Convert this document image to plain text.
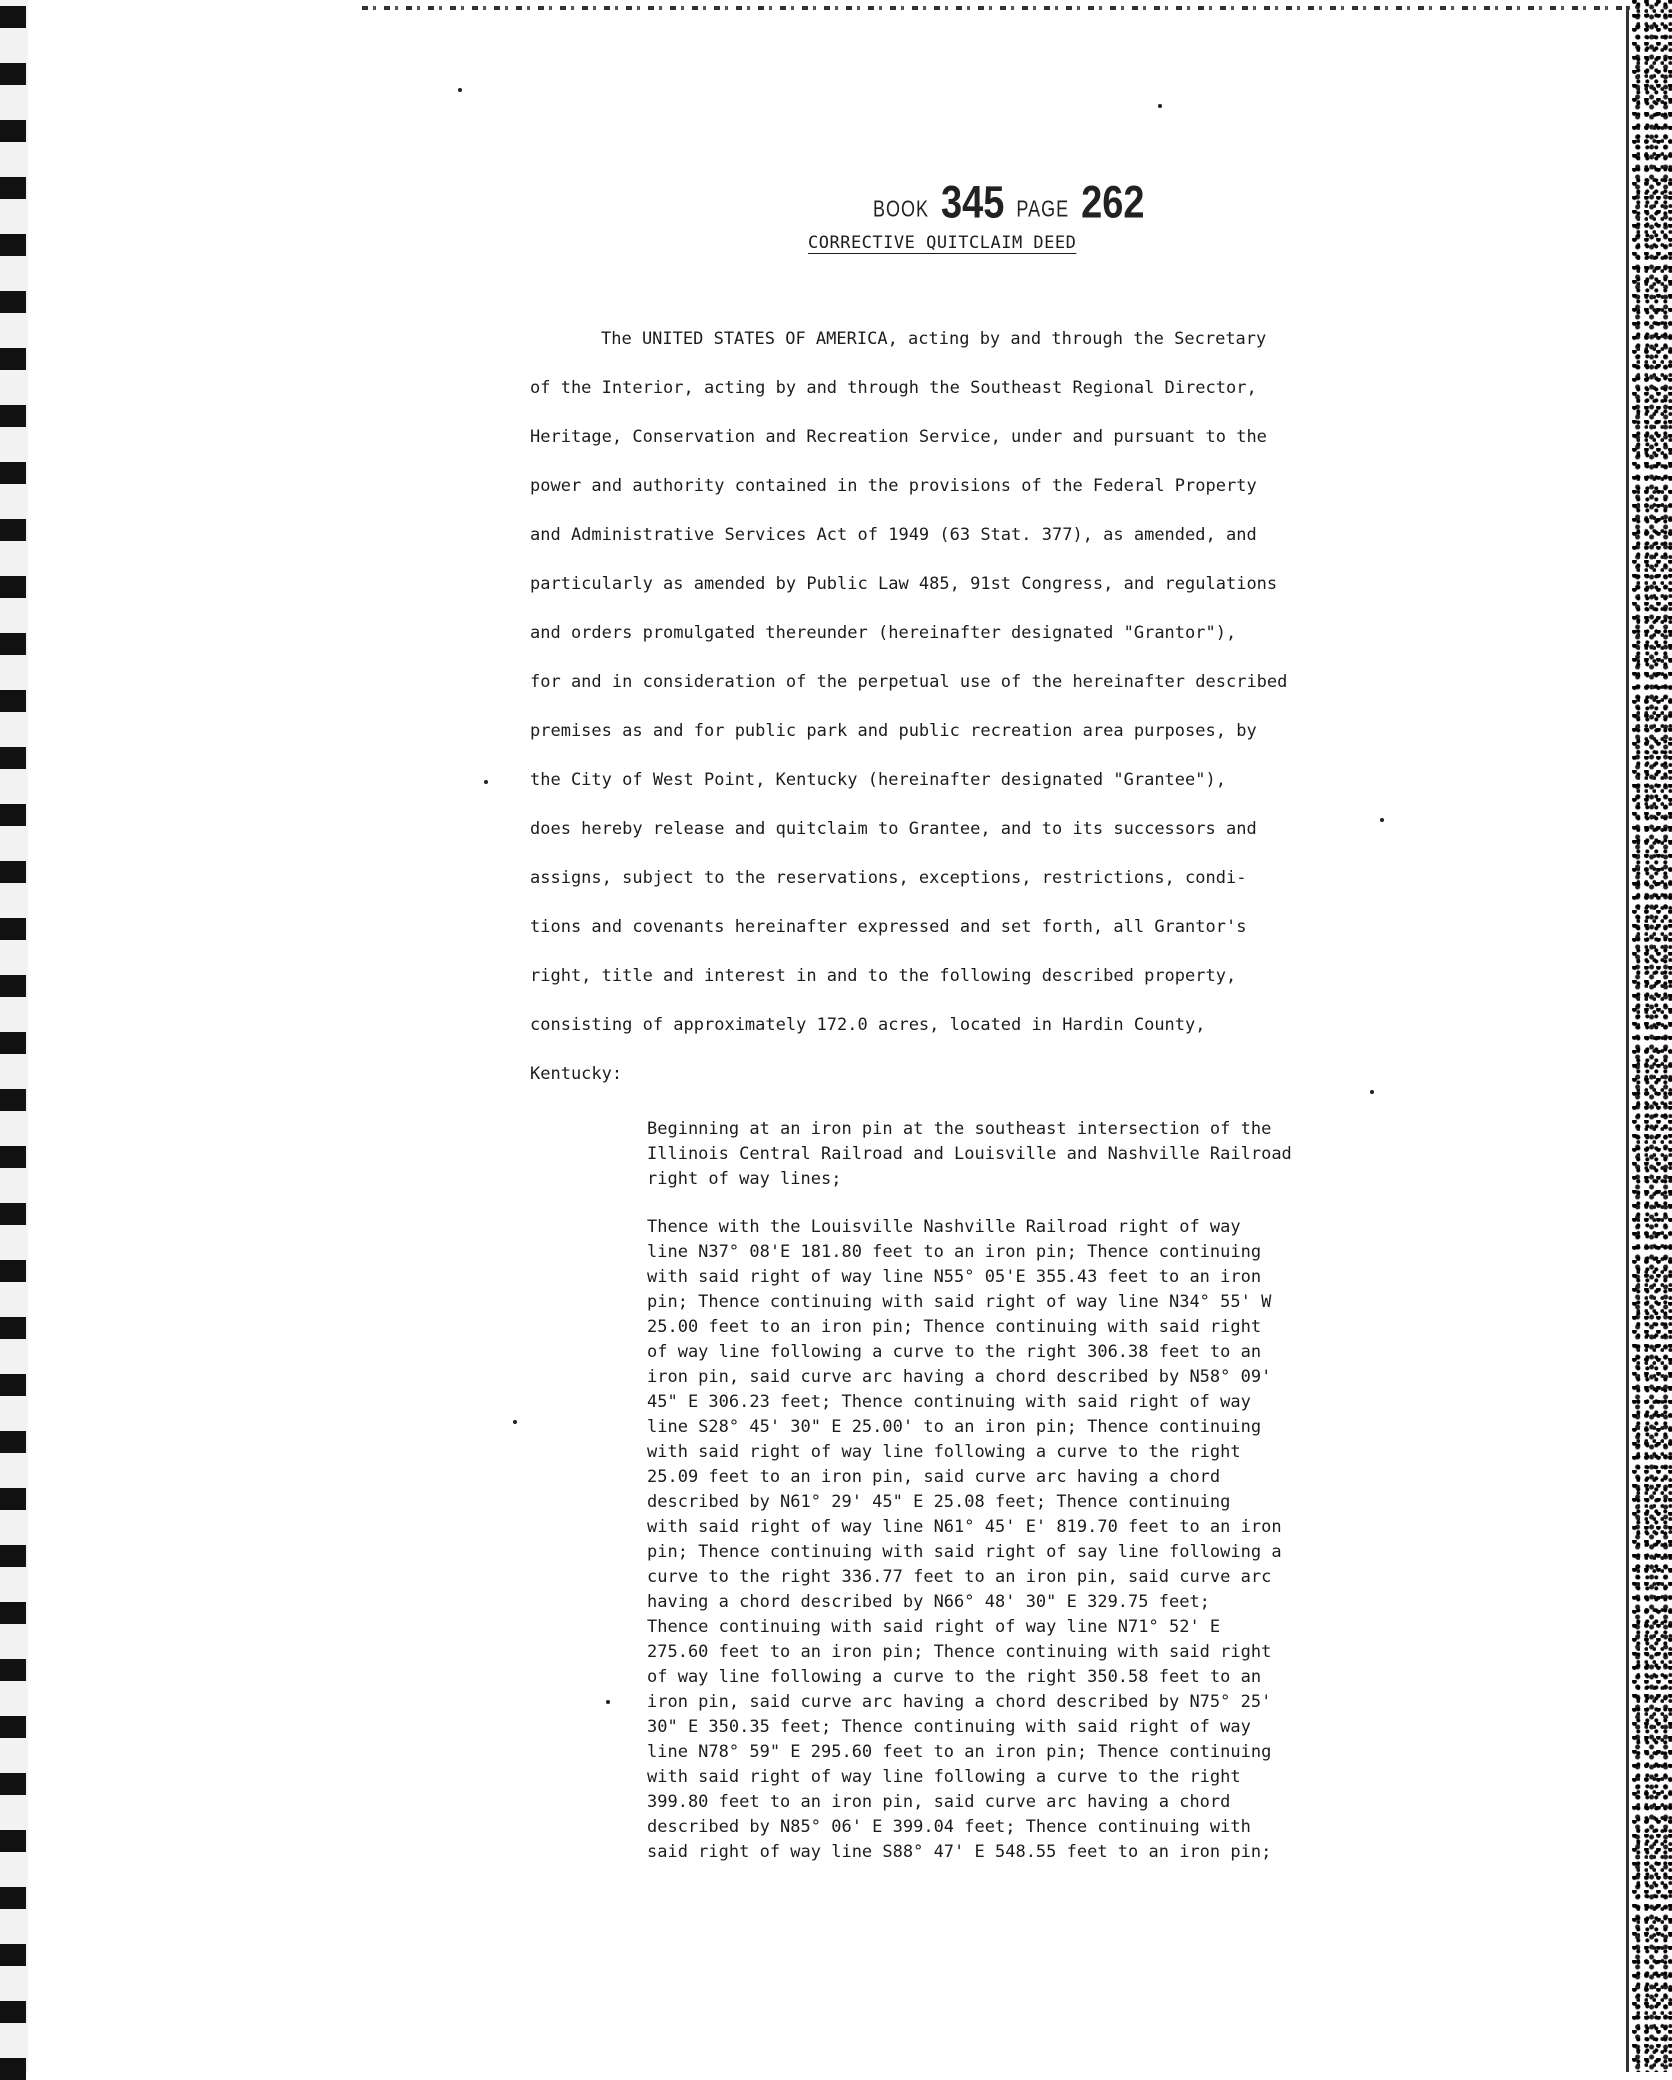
BOOK 345 PAGE 262
CORRECTIVE QUITCLAIM DEED
The UNITED STATES OF AMERICA, acting by and through the Secretary
of the Interior, acting by and through the Southeast Regional Director,
Heritage, Conservation and Recreation Service, under and pursuant to the
power and authority contained in the provisions of the Federal Property
and Administrative Services Act of 1949 (63 Stat. 377), as amended, and
particularly as amended by Public Law 485, 91st Congress, and regulations
and orders promulgated thereunder (hereinafter designated "Grantor"),
for and in consideration of the perpetual use of the hereinafter described
premises as and for public park and public recreation area purposes, by
the City of West Point, Kentucky (hereinafter designated "Grantee"),
does hereby release and quitclaim to Grantee, and to its successors and
assigns, subject to the reservations, exceptions, restrictions, condi-
tions and covenants hereinafter expressed and set forth, all Grantor's
right, title and interest in and to the following described property,
consisting of approximately 172.0 acres, located in Hardin County,
Kentucky:
Beginning at an iron pin at the southeast intersection of the
Illinois Central Railroad and Louisville and Nashville Railroad
right of way lines;
Thence with the Louisville Nashville Railroad right of way
line N37° 08'E 181.80 feet to an iron pin; Thence continuing
with said right of way line N55° 05'E 355.43 feet to an iron
pin; Thence continuing with said right of way line N34° 55' W
25.00 feet to an iron pin; Thence continuing with said right
of way line following a curve to the right 306.38 feet to an
iron pin, said curve arc having a chord described by N58° 09'
45" E 306.23 feet; Thence continuing with said right of way
line S28° 45' 30" E 25.00' to an iron pin; Thence continuing
with said right of way line following a curve to the right
25.09 feet to an iron pin, said curve arc having a chord
described by N61° 29' 45" E 25.08 feet; Thence continuing
with said right of way line N61° 45' E' 819.70 feet to an iron
pin; Thence continuing with said right of say line following a
curve to the right 336.77 feet to an iron pin, said curve arc
having a chord described by N66° 48' 30" E 329.75 feet;
Thence continuing with said right of way line N71° 52' E
275.60 feet to an iron pin; Thence continuing with said right
of way line following a curve to the right 350.58 feet to an
iron pin, said curve arc having a chord described by N75° 25'
30" E 350.35 feet; Thence continuing with said right of way
line N78° 59" E 295.60 feet to an iron pin; Thence continuing
with said right of way line following a curve to the right
399.80 feet to an iron pin, said curve arc having a chord
described by N85° 06' E 399.04 feet; Thence continuing with
said right of way line S88° 47' E 548.55 feet to an iron pin;
